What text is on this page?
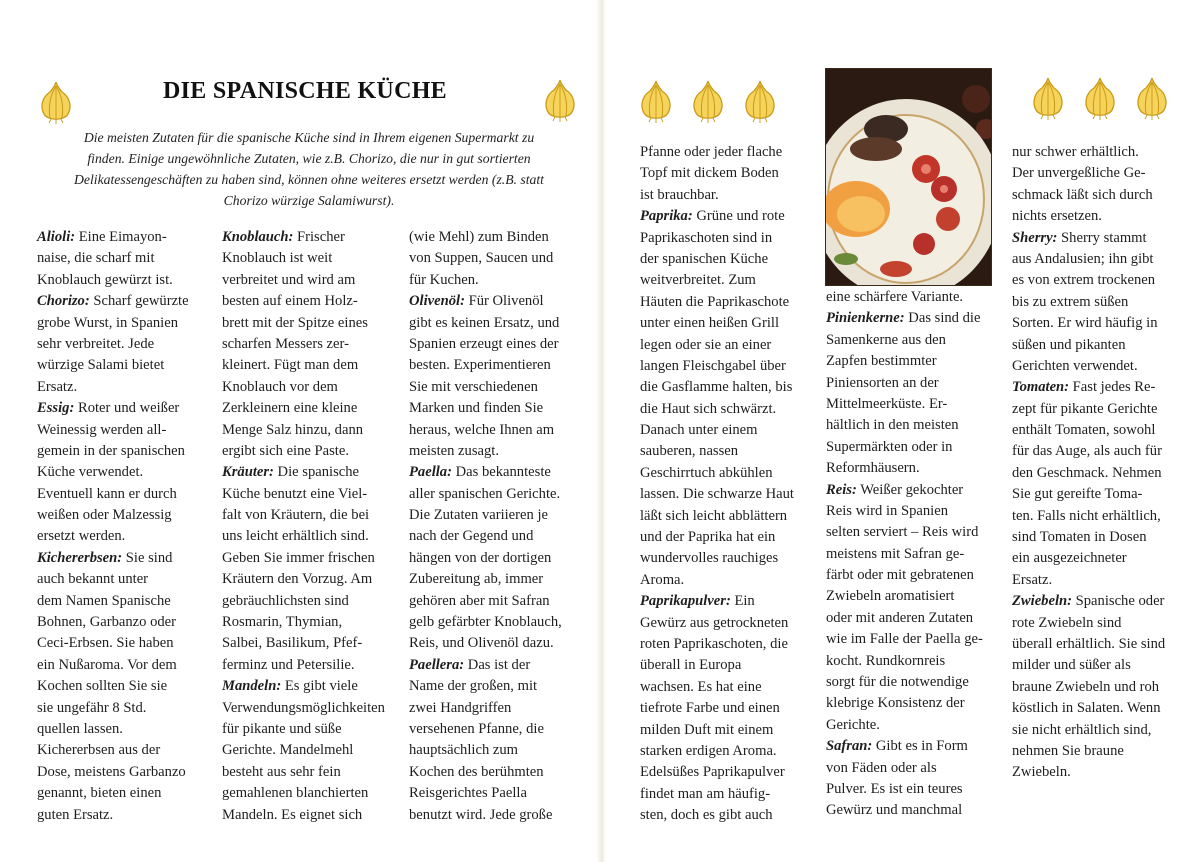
DIE SPANISCHE KÜCHE
Die meisten Zutaten für die spanische Küche sind in Ihrem eigenen Supermarkt zu
finden. Einige ungewöhnliche Zutaten, wie z.B. Chorizo, die nur in gut sortierten
Delikatessengeschäften zu haben sind, können ohne weiteres ersetzt werden (z.B. statt
Chorizo würzige Salamiwurst).
Alioli: Eine Eimayon-
naise, die scharf mit
Knoblauch gewürzt ist.
Chorizo: Scharf gewürzte
grobe Wurst, in Spanien
sehr verbreitet. Jede
würzige Salami bietet
Ersatz.
Essig: Roter und weißer
Weinessig werden all-
gemein in der spanischen
Küche verwendet.
Eventuell kann er durch
weißen oder Malzessig
ersetzt werden.
Kichererbsen: Sie sind
auch bekannt unter
dem Namen Spanische
Bohnen, Garbanzo oder
Ceci-Erbsen. Sie haben
ein Nußaroma. Vor dem
Kochen sollten Sie sie
sie ungefähr 8 Std.
quellen lassen.
Kichererbsen aus der
Dose, meistens Garbanzo
genannt, bieten einen
guten Ersatz.
Knoblauch: Frischer
Knoblauch ist weit
verbreitet und wird am
besten auf einem Holz-
brett mit der Spitze eines
scharfen Messers zer-
kleinert. Fügt man dem
Knoblauch vor dem
Zerkleinern eine kleine
Menge Salz hinzu, dann
ergibt sich eine Paste.
Kräuter: Die spanische
Küche benutzt eine Viel-
falt von Kräutern, die bei
uns leicht erhältlich sind.
Geben Sie immer frischen
Kräutern den Vorzug. Am
gebräuchlichsten sind
Rosmarin, Thymian,
Salbei, Basilikum, Pfef-
ferminz und Petersilie.
Mandeln: Es gibt viele
Verwendungsmöglichkeiten
für pikante und süße
Gerichte. Mandelmehl
besteht aus sehr fein
gemahlenen blanchierten
Mandeln. Es eignet sich
(wie Mehl) zum Binden
von Suppen, Saucen und
für Kuchen.
Olivenöl: Für Olivenöl
gibt es keinen Ersatz, und
Spanien erzeugt eines der
besten. Experimentieren
Sie mit verschiedenen
Marken und finden Sie
heraus, welche Ihnen am
meisten zusagt.
Paella: Das bekannteste
aller spanischen Gerichte.
Die Zutaten variieren je
nach der Gegend und
hängen von der dortigen
Zubereitung ab, immer
gehören aber mit Safran
gelb gefärbter Knoblauch,
Reis, und Olivenöl dazu.
Paellera: Das ist der
Name der großen, mit
zwei Handgriffen
versehenen Pfanne, die
hauptsächlich zum
Kochen des berühmten
Reisgerichtes Paella
benutzt wird. Jede große
Pfanne oder jeder flache
Topf mit dickem Boden
ist brauchbar.
Paprika: Grüne und rote
Paprikaschoten sind in
der spanischen Küche
weitverbreitet. Zum
Häuten die Paprikaschote
unter einen heißen Grill
legen oder sie an einer
langen Fleischgabel über
die Gasflamme halten, bis
die Haut sich schwärzt.
Danach unter einem
sauberen, nassen
Geschirrtuch abkühlen
lassen. Die schwarze Haut
läßt sich leicht abblättern
und der Paprika hat ein
wundervolles rauchiges
Aroma.
Paprikapulver: Ein
Gewürz aus getrockneten
roten Paprikaschoten, die
überall in Europa
wachsen. Es hat eine
tiefrote Farbe und einen
milden Duft mit einem
starken erdigen Aroma.
Edelsüßes Paprikapulver
findet man am häufig-
sten, doch es gibt auch
eine schärfere Variante.
Pinienkerne: Das sind die
Samenkerne aus den
Zapfen bestimmter
Piniensorten an der
Mittelmeerküste. Er-
hältlich in den meisten
Supermärkten oder in
Reformhäusern.
Reis: Weißer gekochter
Reis wird in Spanien
selten serviert – Reis wird
meistens mit Safran ge-
färbt oder mit gebratenen
Zwiebeln aromatisiert
oder mit anderen Zutaten
wie im Falle der Paella ge-
kocht. Rundkornreis
sorgt für die notwendige
klebrige Konsistenz der
Gerichte.
Safran: Gibt es in Form
von Fäden oder als
Pulver. Es ist ein teures
Gewürz und manchmal
nur schwer erhältlich.
Der unvergeßliche Ge-
schmack läßt sich durch
nichts ersetzen.
Sherry: Sherry stammt
aus Andalusien; ihn gibt
es von extrem trockenen
bis zu extrem süßen
Sorten. Er wird häufig in
süßen und pikanten
Gerichten verwendet.
Tomaten: Fast jedes Re-
zept für pikante Gerichte
enthält Tomaten, sowohl
für das Auge, als auch für
den Geschmack. Nehmen
Sie gut gereifte Toma-
ten. Falls nicht erhältlich,
sind Tomaten in Dosen
ein ausgezeichneter
Ersatz.
Zwiebeln: Spanische oder
rote Zwiebeln sind
überall erhältlich. Sie sind
milder und süßer als
braune Zwiebeln und roh
köstlich in Salaten. Wenn
sie nicht erhältlich sind,
nehmen Sie braune
Zwiebeln.
